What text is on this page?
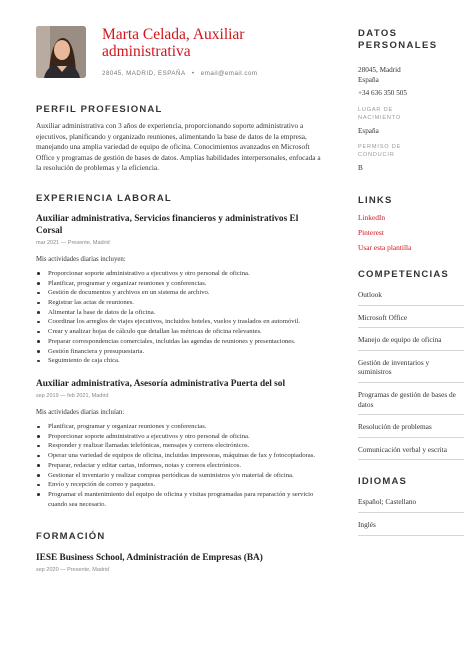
Marta Celada, Auxiliar administrativa
28045, MADRID, ESPAÑA • email@email.com
PERFIL PROFESIONAL

Auxiliar administrativa con 3 años de experiencia, proporcionando soporte administrativo a ejecutivos, planificando y organizado reuniones, alimentando la base de datos de la empresa, manejando una amplia variedad de equipo de oficina. Conocimientos avanzados en Microsoft Office y programas de gestión de bases de datos. Amplias habilidades interpersonales, enfocada a la resolución de problemas y la eficiencia.

EXPERIENCIA LABORAL
Auxiliar administrativa, Servicios financieros y administrativos El Corsal
mar 2021 — Presente, Madrid
Mis actividades diarias incluyen:
Proporcionar soporte administrativo a ejecutivos y otro personal de oficina.
Planificar, programar y organizar reuniones y conferencias.
Gestión de documentos y archivos en un sistema de archivo.
Registrar las actas de reuniones.
Alimentar la base de datos de la oficina.
Coordinar los arreglos de viajes ejecutivos, incluidos hoteles, vuelos y traslados en automóvil.
Crear y analizar hojas de cálculo que detallan las métricas de oficina relevantes.
Preparar correspondencias comerciales, incluidas las agendas de reuniones y presentaciones.
Gestión financiera y presupuestaria.
Seguimiento de caja chica.
Auxiliar administrativa, Asesoría administrativa Puerta del sol
sep 2019 — feb 2021, Madrid
Mis actividades diarias incluían:
Planificar, programar y organizar reuniones y conferencias.
Proporcionar soporte administrativo a ejecutivos y otro personal de oficina.
Responder y realizar llamadas telefónicas, mensajes y correos electrónicos.
Operar una variedad de equipos de oficina, incluidas impresoras, máquinas de fax y fotocopiadoras.
Preparar, redactar y editar cartas, informes, notas y correos electrónicos.
Gestionar el inventario y realizar compras periódicas de suministros y/o material de oficina.
Envío y recepción de correo y paquetes.
Programar el mantenimiento del equipo de oficina y visitas programadas para reparación y servicio cuando sea necesario.
FORMACIÓN
IESE Business School, Administración de Empresas (BA)
sep 2020 — Presente, Madrid
DATOS PERSONALES
28045, Madrid España
+34 636 350 505
LUGAR DE NACIMIENTO
España
PERMISO DE CONDUCIR
B
LINKS
LinkedIn
Pinterest
Usar esta plantilla
COMPETENCIAS
Outlook
Microsoft Office
Manejo de equipo de oficina
Gestión de inventarios y suministros
Programas de gestión de bases de datos
Resolución de problemas
Comunicación verbal y escrita
IDIOMAS
Español; Castellano
Inglés
